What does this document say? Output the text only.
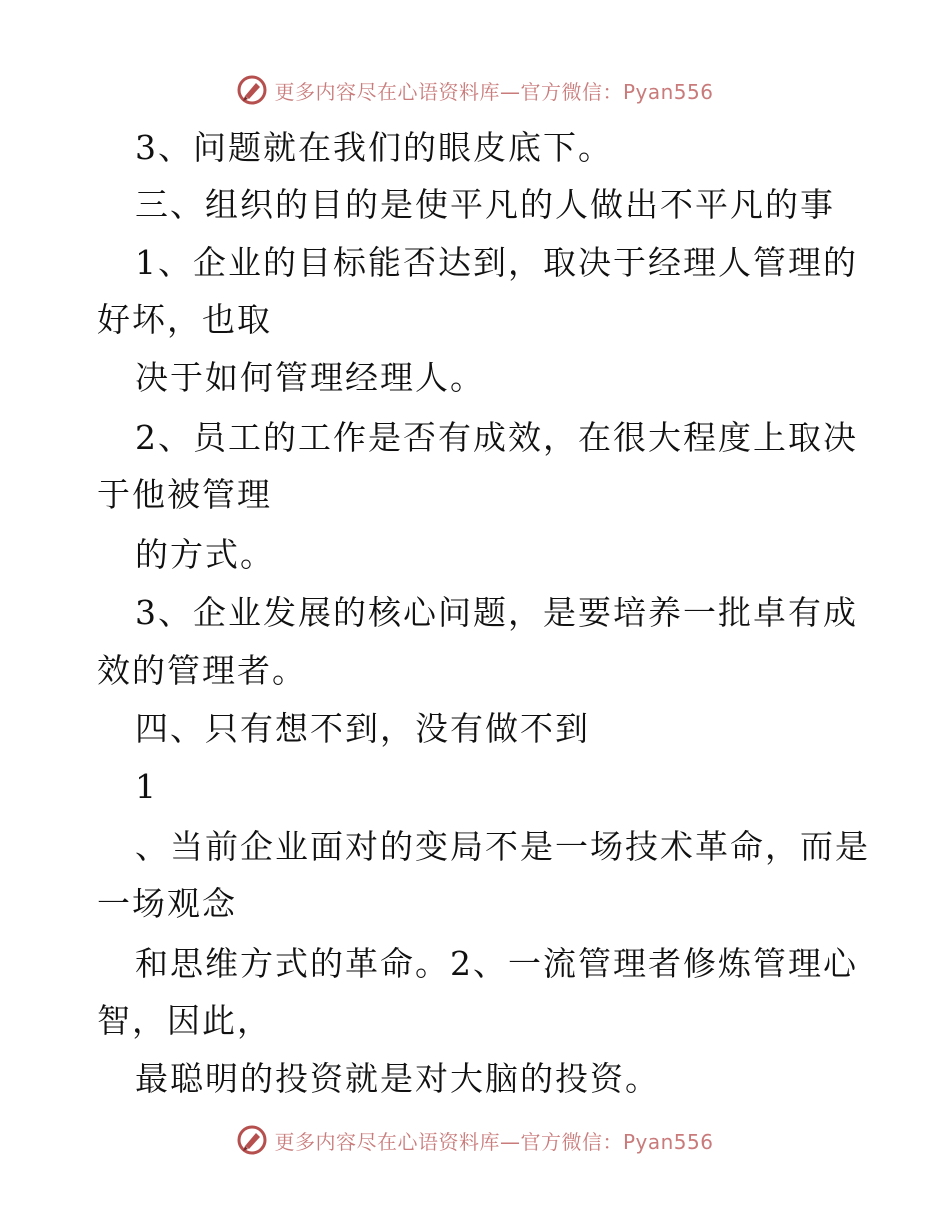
更多内容尽在心语资料库—官方微信：Pyan556
3、问题就在我们的眼皮底下。
三、组织的目的是使平凡的人做出不平凡的事
1、企业的目标能否达到，取决于经理人管理的
好坏，也取
决于如何管理经理人。
2、员工的工作是否有成效，在很大程度上取决
于他被管理
的方式。
3、企业发展的核心问题，是要培养一批卓有成
效的管理者。
四、只有想不到，没有做不到
1
、当前企业面对的变局不是一场技术革命，而是
一场观念
和思维方式的革命。2、一流管理者修炼管理心
智，因此，
最聪明的投资就是对大脑的投资。
更多内容尽在心语资料库—官方微信：Pyan556
